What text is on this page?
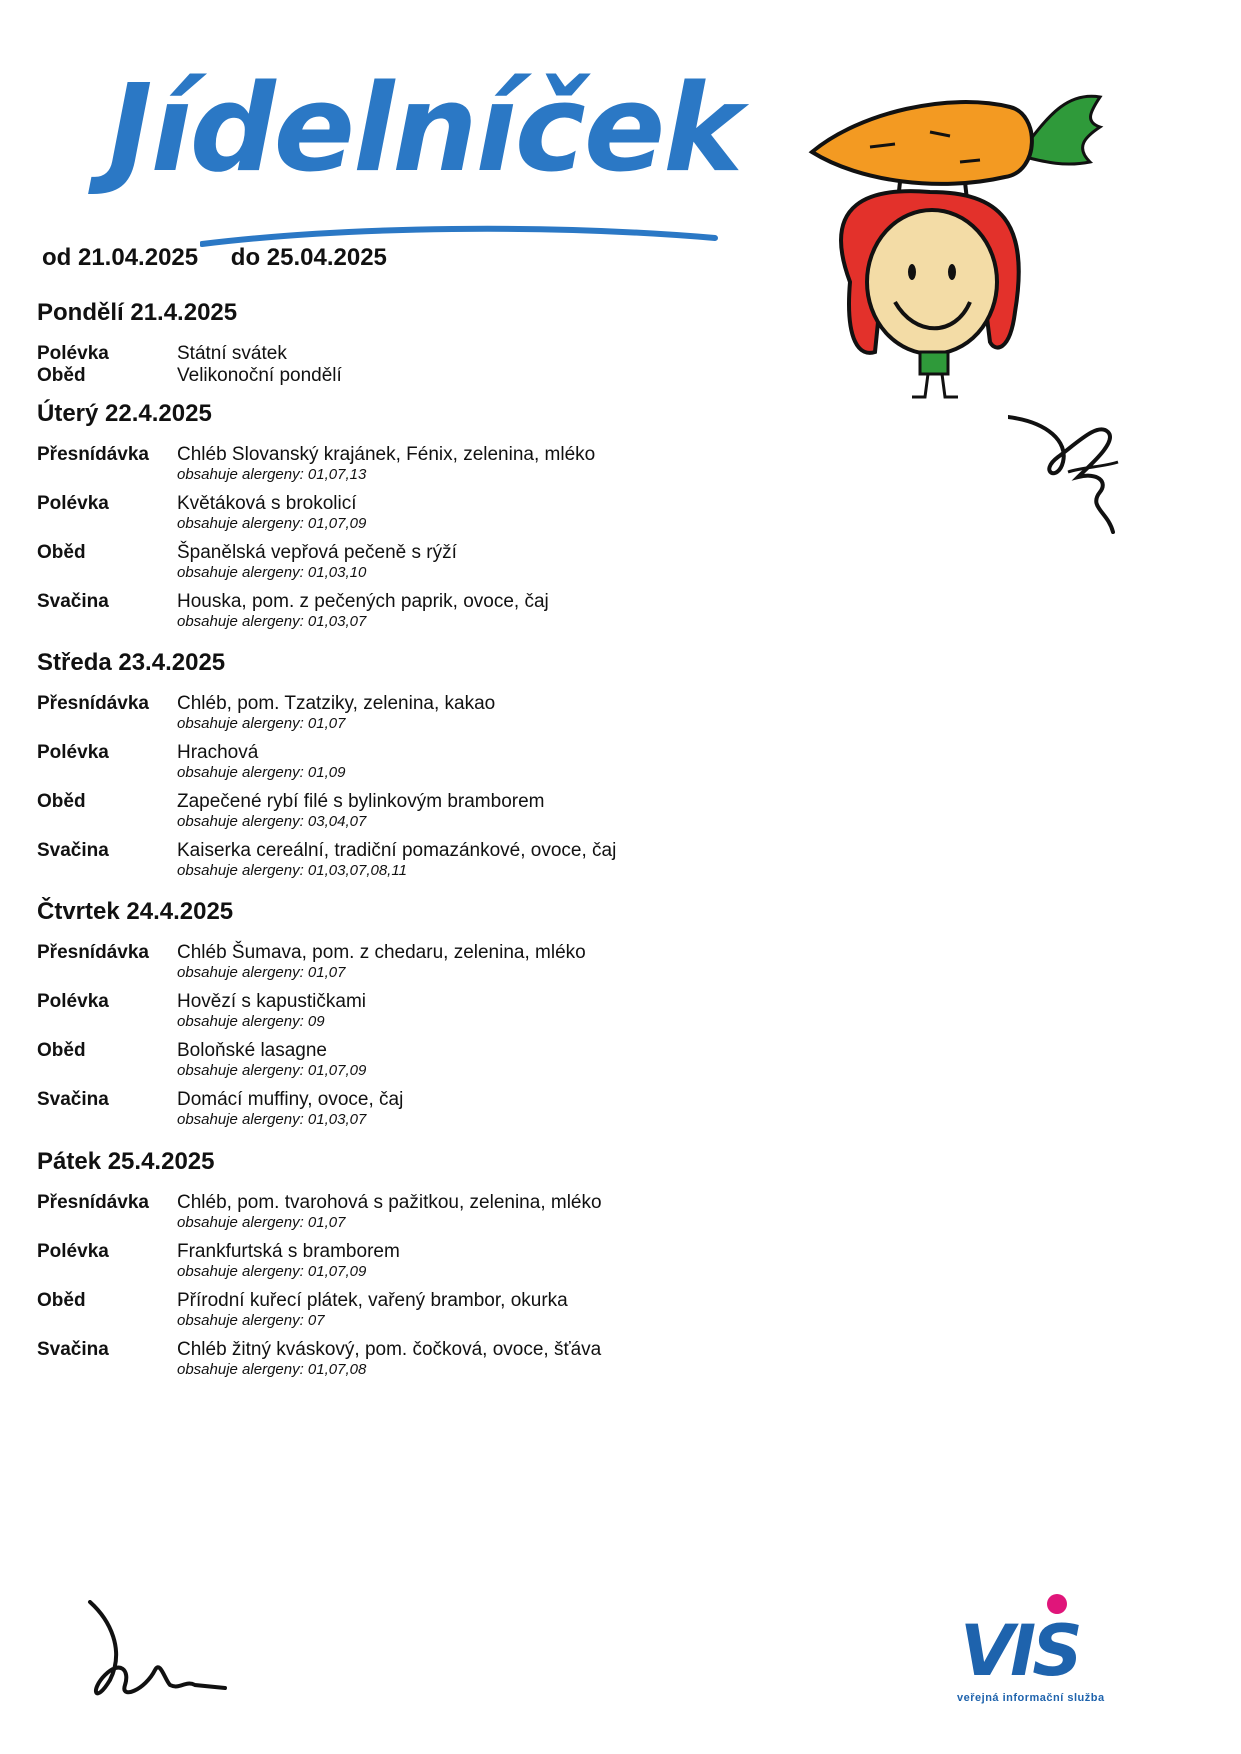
Jídelníček
od 21.04.2025 do 25.04.2025
Pondělí 21.4.2025
Polévka	Státní svátek
Oběd	Velikonoční pondělí
Úterý 22.4.2025
Přesnídávka	Chléb Slovanský krajánek, Fénix, zelenina, mléko
obsahuje alergeny: 01,07,13
Polévka	Květáková s brokolicí
obsahuje alergeny: 01,07,09
Oběd	Španělská vepřová pečeně s rýží
obsahuje alergeny: 01,03,10
Svačina	Houska, pom. z pečených paprik, ovoce, čaj
obsahuje alergeny: 01,03,07
Středa 23.4.2025
Přesnídávka	Chléb, pom. Tzatziky, zelenina, kakao
obsahuje alergeny: 01,07
Polévka	Hrachová
obsahuje alergeny: 01,09
Oběd	Zapečené rybí filé s bylinkovým bramborem
obsahuje alergeny: 03,04,07
Svačina	Kaiserka cereální, tradiční pomazánkové, ovoce, čaj
obsahuje alergeny: 01,03,07,08,11
Čtvrtek 24.4.2025
Přesnídávka	Chléb Šumava, pom. z chedaru, zelenina, mléko
obsahuje alergeny: 01,07
Polévka	Hovězí s kapustičkami
obsahuje alergeny: 09
Oběd	Boloňské lasagne
obsahuje alergeny: 01,07,09
Svačina	Domácí muffiny, ovoce, čaj
obsahuje alergeny: 01,03,07
Pátek 25.4.2025
Přesnídávka	Chléb, pom. tvarohová s pažitkou, zelenina, mléko
obsahuje alergeny: 01,07
Polévka	Frankfurtská s bramborem
obsahuje alergeny: 01,07,09
Oběd	Přírodní kuřecí plátek, vařený brambor, okurka
obsahuje alergeny: 07
Svačina	Chléb žitný kváskový, pom. čočková, ovoce, šťáva
obsahuje alergeny: 01,07,08
VIS
veřejná informační služba
